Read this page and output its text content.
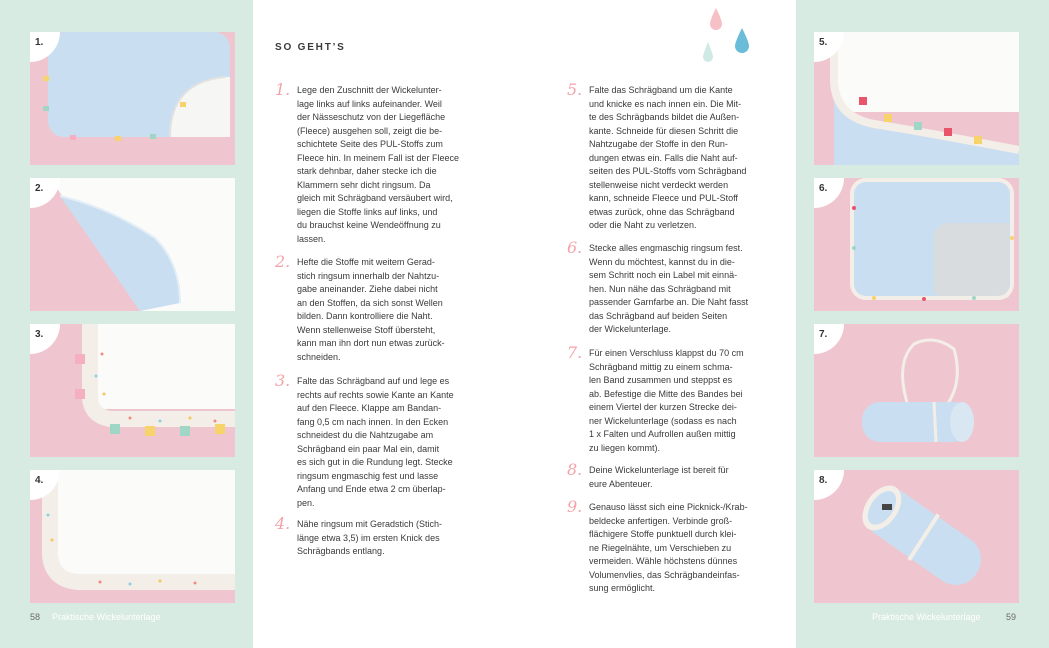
1.
2.
3.
4.
5.
6.
7.
8.
58 Praktische Wickelunterlage	Praktische Wickelunterlage	59
SO GEHT’S
1. Lege den Zuschnitt der Wickelunter-
lage links auf links aufeinander. Weil
der Nässeschutz von der Liegefläche
(Fleece) ausgehen soll, zeigt die be-
schichtete Seite des PUL-Stoffs zum
Fleece hin. In meinem Fall ist der Fleece
stark dehnbar, daher stecke ich die
Klammern sehr dicht ringsum. Da
gleich mit Schrägband versäubert wird,
liegen die Stoffe links auf links, und
du brauchst keine Wendeöffnung zu
lassen.
2. Hefte die Stoffe mit weitem Gerad-
stich ringsum innerhalb der Nahtzu-
gabe aneinander. Ziehe dabei nicht
an den Stoffen, da sich sonst Wellen
bilden. Dann kontrolliere die Naht.
Wenn stellenweise Stoff übersteht,
kann man ihn dort nun etwas zurück-
schneiden.
3. Falte das Schrägband auf und lege es
rechts auf rechts sowie Kante an Kante
auf den Fleece. Klappe am Bandan-
fang 0,5 cm nach innen. In den Ecken
schneidest du die Nahtzugabe am
Schrägband ein paar Mal ein, damit
es sich gut in die Rundung legt. Stecke
ringsum engmaschig fest und lasse
Anfang und Ende etwa 2 cm überlap-
pen.
4. Nähe ringsum mit Geradstich (Stich-
länge etwa 3,5) im ersten Knick des
Schrägbands entlang.
5. Falte das Schrägband um die Kante
und knicke es nach innen ein. Die Mit-
te des Schrägbands bildet die Außen-
kante. Schneide für diesen Schritt die
Nahtzugabe der Stoffe in den Run-
dungen etwas ein. Falls die Naht auf-
seiten des PUL-Stoffs vom Schrägband
stellenweise nicht verdeckt werden
kann, schneide Fleece und PUL-Stoff
etwas zurück, ohne das Schrägband
oder die Naht zu verletzen.
6. Stecke alles engmaschig ringsum fest.
Wenn du möchtest, kannst du in die-
sem Schritt noch ein Label mit einnä-
hen. Nun nähe das Schrägband mit
passender Garnfarbe an. Die Naht fasst
das Schrägband auf beiden Seiten
der Wickelunterlage.
7. Für einen Verschluss klappst du 70 cm
Schrägband mittig zu einem schma-
len Band zusammen und steppst es
ab. Befestige die Mitte des Bandes bei
einem Viertel der kurzen Strecke dei-
ner Wickelunterlage (sodass es nach
1 x Falten und Aufrollen außen mittig
zu liegen kommt).
8. Deine Wickelunterlage ist bereit für
eure Abenteuer.
9. Genauso lässt sich eine Picknick-/Krab-
beldecke anfertigen. Verbinde groß-
flächigere Stoffe punktuell durch klei-
ne Riegelnähte, um Verschieben zu
vermeiden. Wähle höchstens dünnes
Volumenvlies, das Schrägbandeinfas-
sung ermöglicht.
